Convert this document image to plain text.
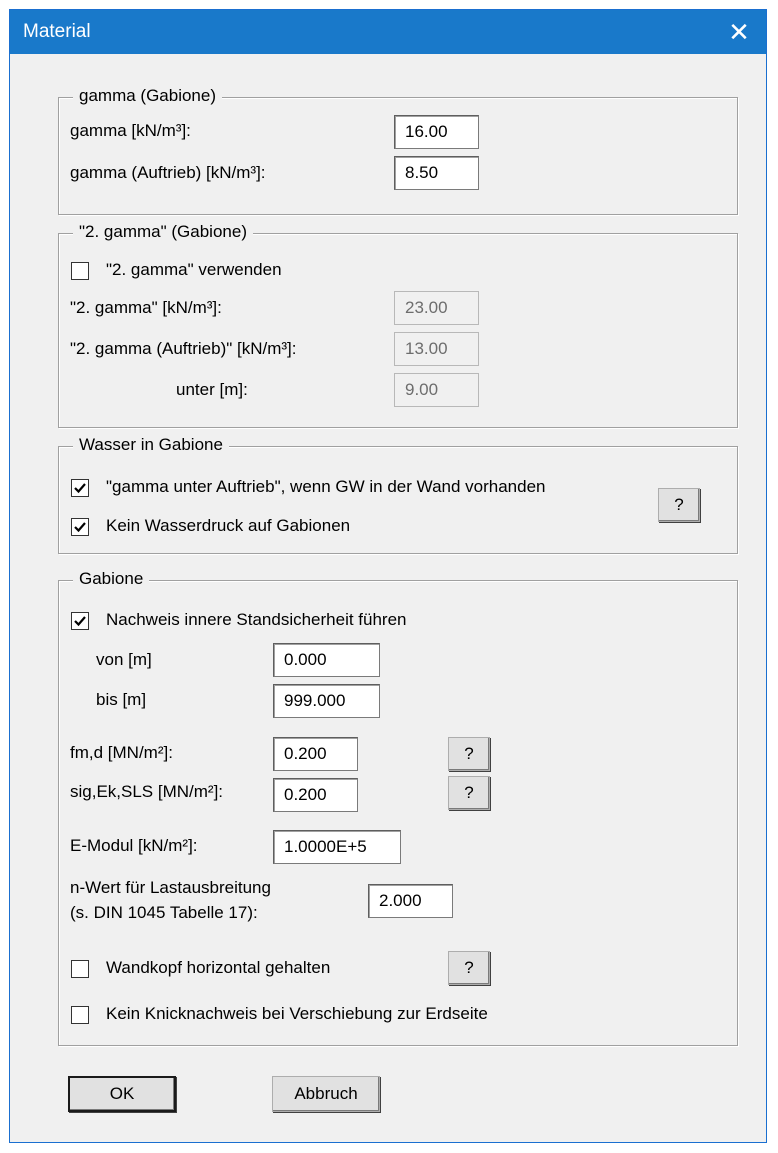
Material	✕
gamma (Gabione)
gamma [kN/m³]:	16.00
gamma (Auftrieb) [kN/m³]:	8.50
"2. gamma" (Gabione)
"2. gamma" verwenden
"2. gamma" [kN/m³]:	23.00
"2. gamma (Auftrieb)" [kN/m³]:	13.00
unter [m]:	9.00
Wasser in Gabione
"gamma unter Auftrieb", wenn GW in der Wand vorhanden
Kein Wasserdruck auf Gabionen
?
Gabione
Nachweis innere Standsicherheit führen
von [m]	0.000
bis [m]	999.000
fm,d [MN/m²]:	0.200	?
sig,Ek,SLS [MN/m²]:	0.200	?
E-Modul [kN/m²]:	1.0000E+5
n-Wert für Lastausbreitung
(s. DIN 1045 Tabelle 17):
2.000
Wandkopf horizontal gehalten	?
Kein Knicknachweis bei Verschiebung zur Erdseite
OK	Abbruch
